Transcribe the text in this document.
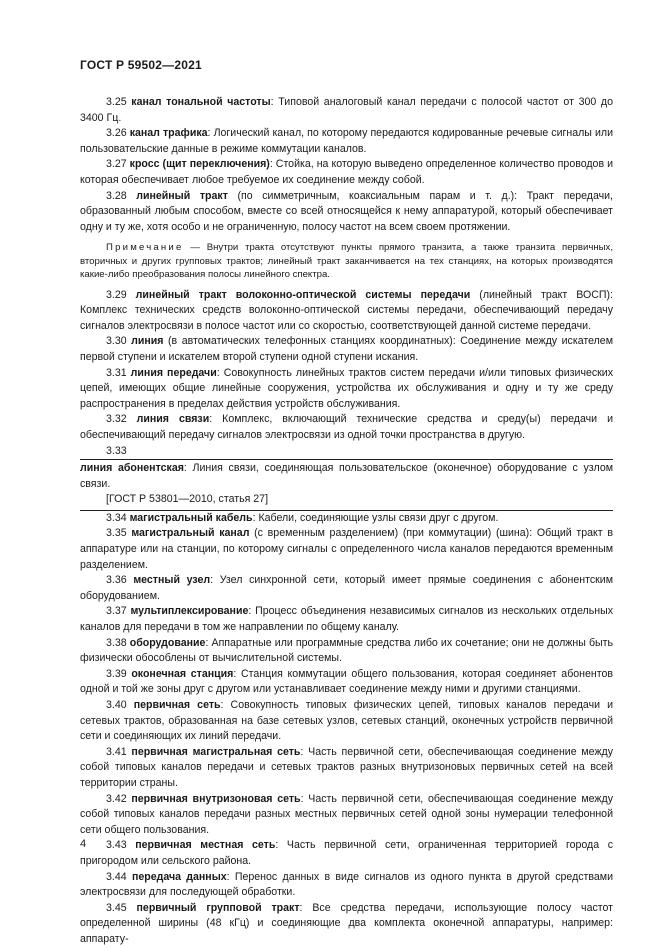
ГОСТ Р 59502—2021

3.25 канал тональной частоты: Типовой аналоговый канал передачи с полосой частот от 300 до 3400 Гц.

3.26 канал трафика: Логический канал, по которому передаются кодированные речевые сигналы или пользовательские данные в режиме коммутации каналов.

3.27 кросс (щит переключения): Стойка, на которую выведено определенное количество проводов и которая обеспечивает любое требуемое их соединение между собой.

3.28 линейный тракт (по симметричным, коаксиальным парам и т. д.): Тракт передачи, образованный любым способом, вместе со всей относящейся к нему аппаратурой, который обеспечивает одну и ту же, хотя особо и не ограниченную, полосу частот на всем своем протяжении.

Примечание — Внутри тракта отсутствуют пункты прямого транзита, а также транзита первичных, вторичных и других групповых трактов; линейный тракт заканчивается на тех станциях, на которых производятся какие-либо преобразования полосы линейного спектра.

3.29 линейный тракт волоконно-оптической системы передачи (линейный тракт ВОСП): Комплекс технических средств волоконно-оптической системы передачи, обеспечивающий передачу сигналов электросвязи в полосе частот или со скоростью, соответствующей данной системе передачи.

3.30 линия (в автоматических телефонных станциях координатных): Соединение между искателем первой ступени и искателем второй ступени одной ступени искания.

3.31 линия передачи: Совокупность линейных трактов систем передачи и/или типовых физических цепей, имеющих общие линейные сооружения, устройства их обслуживания и одну и ту же среду распространения в пределах действия устройств обслуживания.

3.32 линия связи: Комплекс, включающий технические средства и среду(ы) передачи и обеспечивающий передачу сигналов электросвязи из одной точки пространства в другую.

3.33

линия абонентская: Линия связи, соединяющая пользовательское (оконечное) оборудование с узлом связи.
[ГОСТ Р 53801—2010, статья 27]

3.34 магистральный кабель: Кабели, соединяющие узлы связи друг с другом.

3.35 магистральный канал (с временным разделением) (при коммутации) (шина): Общий тракт в аппаратуре или на станции, по которому сигналы с определенного числа каналов передаются временным разделением.

3.36 местный узел: Узел синхронной сети, который имеет прямые соединения с абонентским оборудованием.

3.37 мультиплексирование: Процесс объединения независимых сигналов из нескольких отдельных каналов для передачи в том же направлении по общему каналу.

3.38 оборудование: Аппаратные или программные средства либо их сочетание; они не должны быть физически обособлены от вычислительной системы.

3.39 оконечная станция: Станция коммутации общего пользования, которая соединяет абонентов одной и той же зоны друг с другом или устанавливает соединение между ними и другими станциями.

3.40 первичная сеть: Совокупность типовых физических цепей, типовых каналов передачи и сетевых трактов, образованная на базе сетевых узлов, сетевых станций, оконечных устройств первичной сети и соединяющих их линий передачи.

3.41 первичная магистральная сеть: Часть первичной сети, обеспечивающая соединение между собой типовых каналов передачи и сетевых трактов разных внутризоновых первичных сетей на всей территории страны.

3.42 первичная внутризоновая сеть: Часть первичной сети, обеспечивающая соединение между собой типовых каналов передачи разных местных первичных сетей одной зоны нумерации телефонной сети общего пользования.

3.43 первичная местная сеть: Часть первичной сети, ограниченная территорией города с пригородом или сельского района.

3.44 передача данных: Перенос данных в виде сигналов из одного пункта в другой средствами электросвязи для последующей обработки.

3.45 первичный групповой тракт: Все средства передачи, использующие полосу частот определенной ширины (48 кГц) и соединяющие два комплекта оконечной аппаратуры, например: аппарату-

4
